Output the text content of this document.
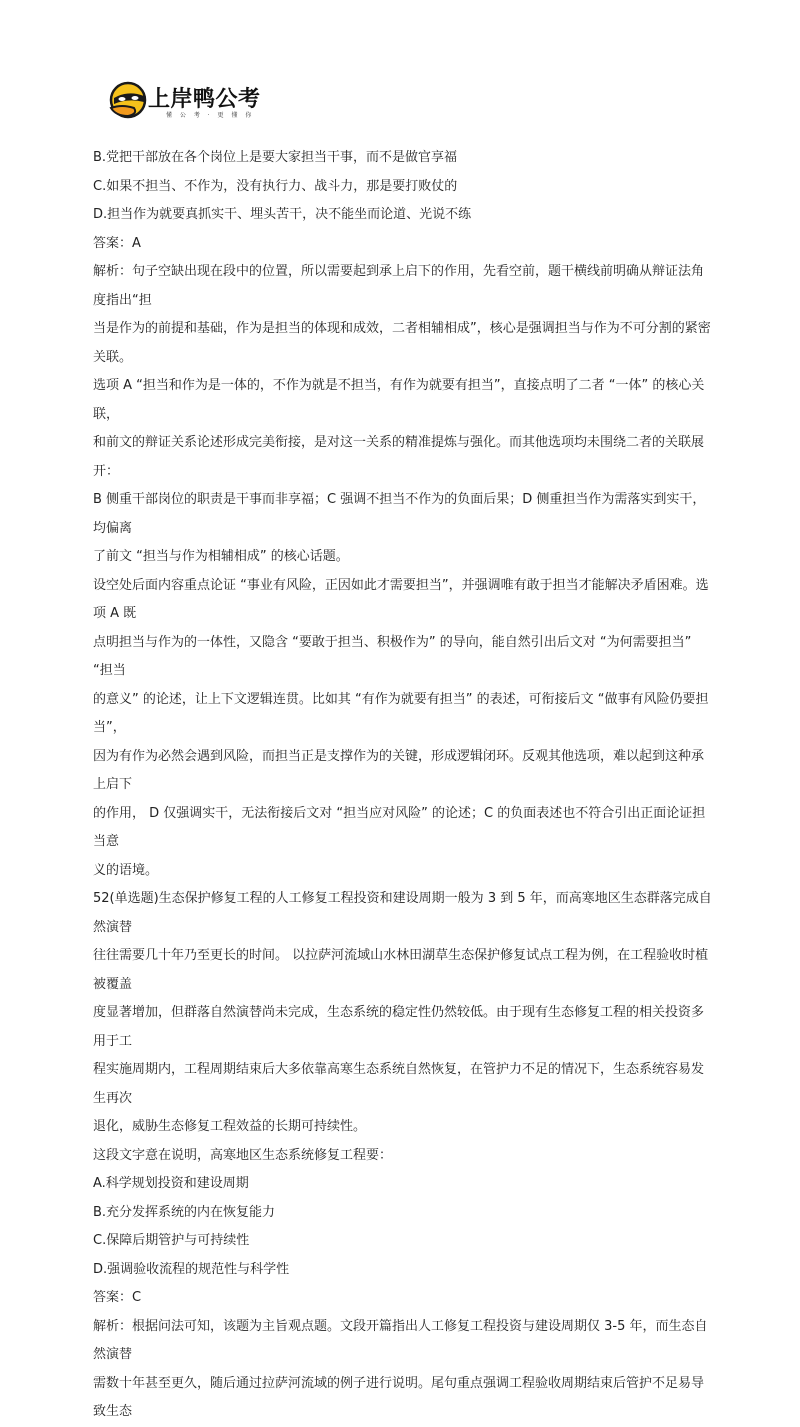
上岸鸭公考
懂 公 考 · 更 懂 你

B.党把干部放在各个岗位上是要大家担当干事，而不是做官享福

C.如果不担当、不作为，没有执行力、战斗力，那是要打败仗的

D.担当作为就要真抓实干、埋头苦干，决不能坐而论道、光说不练

答案：A

解析：句子空缺出现在段中的位置，所以需要起到承上启下的作用，先看空前，题干横线前明确从辩证法角度指出“担

当是作为的前提和基础，作为是担当的体现和成效，二者相辅相成”，核心是强调担当与作为不可分割的紧密关联。

选项 A “担当和作为是一体的，不作为就是不担当，有作为就要有担当”，直接点明了二者 “一体” 的核心关联，

和前文的辩证关系论述形成完美衔接，是对这一关系的精准提炼与强化。而其他选项均未围绕二者的关联展开：

B 侧重干部岗位的职责是干事而非享福；C 强调不担当不作为的负面后果；D 侧重担当作为需落实到实干，均偏离

了前文 “担当与作为相辅相成” 的核心话题。

设空处后面内容重点论证 “事业有风险，正因如此才需要担当”，并强调唯有敢于担当才能解决矛盾困难。选项 A 既

点明担当与作为的一体性，又隐含 “要敢于担当、积极作为” 的导向，能自然引出后文对 “为何需要担当” “担当

的意义” 的论述，让上下文逻辑连贯。比如其 “有作为就要有担当” 的表述，可衔接后文 “做事有风险仍要担当”，

因为有作为必然会遇到风险，而担当正是支撑作为的关键，形成逻辑闭环。反观其他选项，难以起到这种承上启下

的作用， D 仅强调实干，无法衔接后文对 “担当应对风险” 的论述；C 的负面表述也不符合引出正面论证担当意

义的语境。

52(单选题)生态保护修复工程的人工修复工程投资和建设周期一般为 3 到 5 年，而高寒地区生态群落完成自然演替

往往需要几十年乃至更长的时间。 以拉萨河流域山水林田湖草生态保护修复试点工程为例，在工程验收时植被覆盖

度显著增加，但群落自然演替尚未完成，生态系统的稳定性仍然较低。由于现有生态修复工程的相关投资多用于工

程实施周期内，工程周期结束后大多依靠高寒生态系统自然恢复，在管护力不足的情况下，生态系统容易发生再次

退化，威胁生态修复工程效益的长期可持续性。

这段文字意在说明，高寒地区生态系统修复工程要：

A.科学规划投资和建设周期

B.充分发挥系统的内在恢复能力

C.保障后期管护与可持续性

D.强调验收流程的规范性与科学性

答案：C

解析：根据问法可知，该题为主旨观点题。文段开篇指出人工修复工程投资与建设周期仅 3-5 年，而生态自然演替

需数十年甚至更久，随后通过拉萨河流域的例子进行说明。尾句重点强调工程验收周期结束后管护不足易导致生态
